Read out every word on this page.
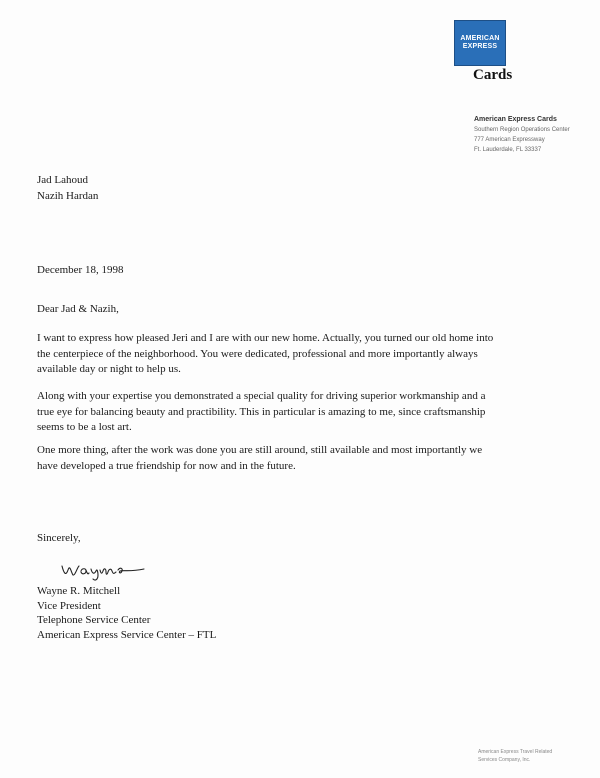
AMERICAN
EXPRESS
Cards
American Express Cards
Southern Region Operations Center
777 American Expressway
Ft. Lauderdale, FL 33337
Jad Lahoud
Nazih Hardan
December 18, 1998
Dear Jad & Nazih,
I want to express how pleased Jeri and I are with our new home. Actually, you turned our old home into
the centerpiece of the neighborhood. You were dedicated, professional and more importantly always
available day or night to help us.
Along with your expertise you demonstrated a special quality for driving superior workmanship and a
true eye for balancing beauty and practibility. This in particular is amazing to me, since craftsmanship
seems to be a lost art.
One more thing, after the work was done you are still around, still available and most importantly we
have developed a true friendship for now and in the future.
Sincerely,
Wayne R. Mitchell
Vice President
Telephone Service Center
American Express Service Center – FTL
American Express Travel Related
Services Company, Inc.
